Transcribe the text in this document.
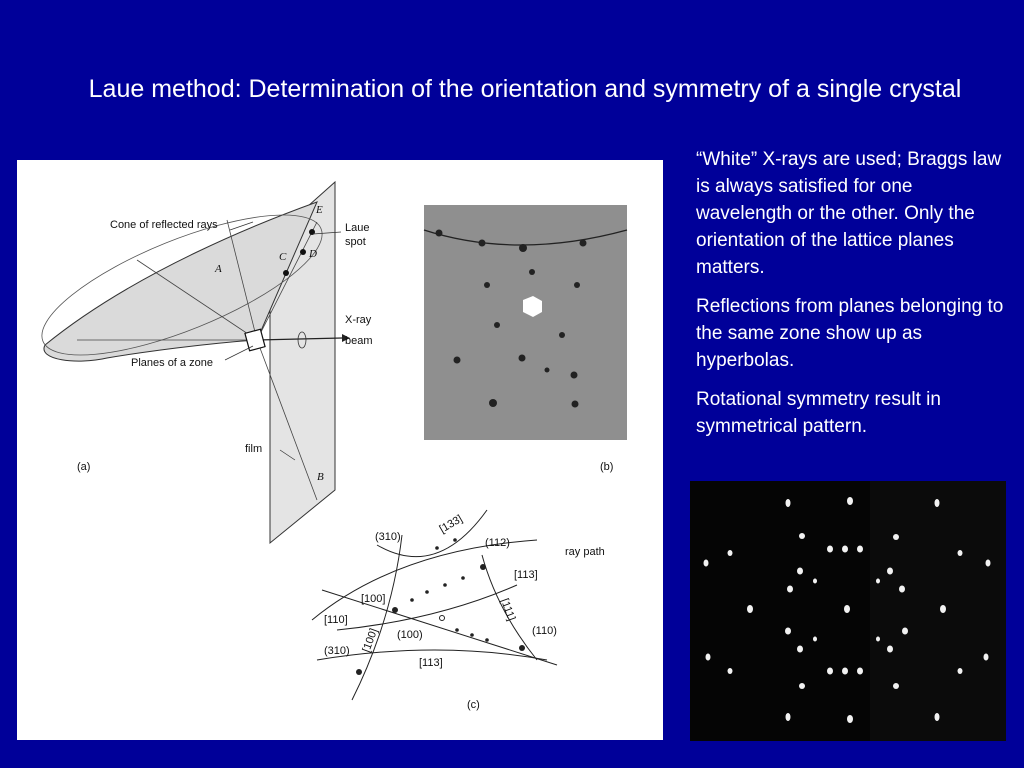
Laue method: Determination of the orientation and symmetry of a single crystal
Cone of reflected rays	Laue
spot
X-ray
beam
Planes of a zone
film
(a)
A
B
C D
E
(b)
(310)
[133]
(112)
[113]
[100]
[110]	[111]
(100)	(110)
(310) [100]
[113]
ray path
(c)

“White” X-rays are used; Braggs law is always satisfied for one wavelength or the other. Only the orientation of the lattice planes matters.

Reflections from planes belonging to the same zone show up as hyperbolas.

Rotational symmetry result in symmetrical pattern.
